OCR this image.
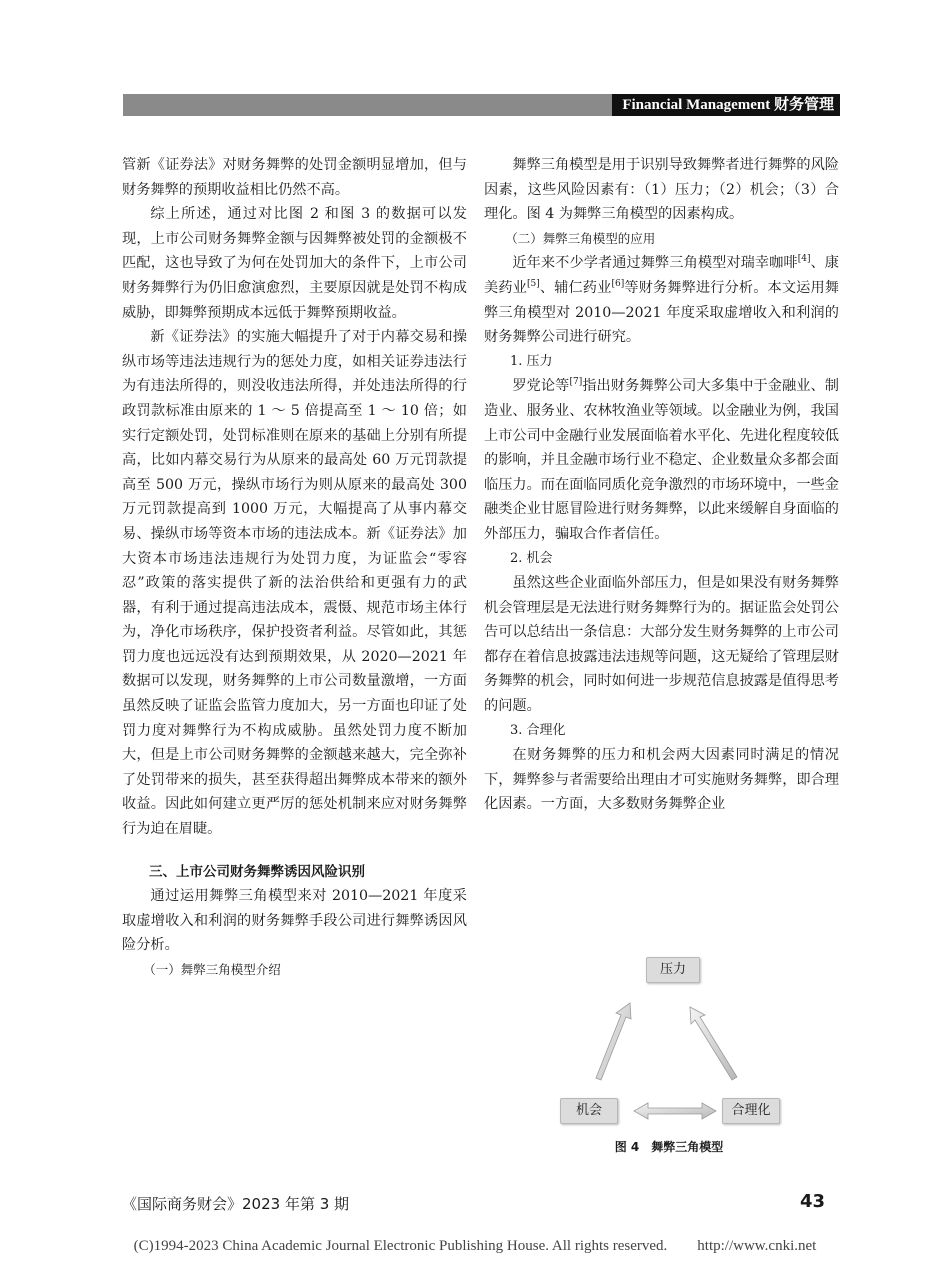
Financial Management 财务管理

管新《证券法》对财务舞弊的处罚金额明显增加，但与财务舞弊的预期收益相比仍然不高。

综上所述，通过对比图 2 和图 3 的数据可以发现，上市公司财务舞弊金额与因舞弊被处罚的金额极不匹配，这也导致了为何在处罚加大的条件下，上市公司财务舞弊行为仍旧愈演愈烈，主要原因就是处罚不构成威胁，即舞弊预期成本远低于舞弊预期收益。

新《证券法》的实施大幅提升了对于内幕交易和操纵市场等违法违规行为的惩处力度，如相关证券违法行为有违法所得的，则没收违法所得，并处违法所得的行政罚款标准由原来的 1 ～ 5 倍提高至 1 ～ 10 倍；如实行定额处罚，处罚标准则在原来的基础上分别有所提高，比如内幕交易行为从原来的最高处 60 万元罚款提高至 500 万元，操纵市场行为则从原来的最高处 300 万元罚款提高到 1000 万元，大幅提高了从事内幕交易、操纵市场等资本市场的违法成本。新《证券法》加大资本市场违法违规行为处罚力度，为证监会“零容忍”政策的落实提供了新的法治供给和更强有力的武器，有利于通过提高违法成本，震慑、规范市场主体行为，净化市场秩序，保护投资者利益。尽管如此，其惩罚力度也远远没有达到预期效果，从 2020—2021 年数据可以发现，财务舞弊的上市公司数量激增，一方面虽然反映了证监会监管力度加大，另一方面也印证了处罚力度对舞弊行为不构成威胁。虽然处罚力度不断加大，但是上市公司财务舞弊的金额越来越大，完全弥补了处罚带来的损失，甚至获得超出舞弊成本带来的额外收益。因此如何建立更严厉的惩处机制来应对财务舞弊行为迫在眉睫。

三、上市公司财务舞弊诱因风险识别

通过运用舞弊三角模型来对 2010—2021 年度采取虚增收入和利润的财务舞弊手段公司进行舞弊诱因风险分析。

（一）舞弊三角模型介绍

舞弊三角模型是用于识别导致舞弊者进行舞弊的风险因素，这些风险因素有：（1）压力；（2）机会；（3）合理化。图 4 为舞弊三角模型的因素构成。

（二）舞弊三角模型的应用

近年来不少学者通过舞弊三角模型对瑞幸咖啡[4]、康美药业[5]、辅仁药业[6]等财务舞弊进行分析。本文运用舞弊三角模型对 2010—2021 年度采取虚增收入和利润的财务舞弊公司进行研究。

1. 压力

罗党论等[7]指出财务舞弊公司大多集中于金融业、制造业、服务业、农林牧渔业等领域。以金融业为例，我国上市公司中金融行业发展面临着水平化、先进化程度较低的影响，并且金融市场行业不稳定、企业数量众多都会面临压力。而在面临同质化竞争激烈的市场环境中，一些金融类企业甘愿冒险进行财务舞弊，以此来缓解自身面临的外部压力，骗取合作者信任。

2. 机会

虽然这些企业面临外部压力，但是如果没有财务舞弊机会管理层是无法进行财务舞弊行为的。据证监会处罚公告可以总结出一条信息：大部分发生财务舞弊的上市公司都存在着信息披露违法违规等问题，这无疑给了管理层财务舞弊的机会，同时如何进一步规范信息披露是值得思考的问题。

3. 合理化

在财务舞弊的压力和机会两大因素同时满足的情况下，舞弊参与者需要给出理由才可实施财务舞弊，即合理化因素。一方面，大多数财务舞弊企业

压力
机会	合理化
图 4　舞弊三角模型
《国际商务财会》2023 年第 3 期	43
(C)1994-2023 China Academic Journal Electronic Publishing House. All rights reserved.　　http://www.cnki.net
